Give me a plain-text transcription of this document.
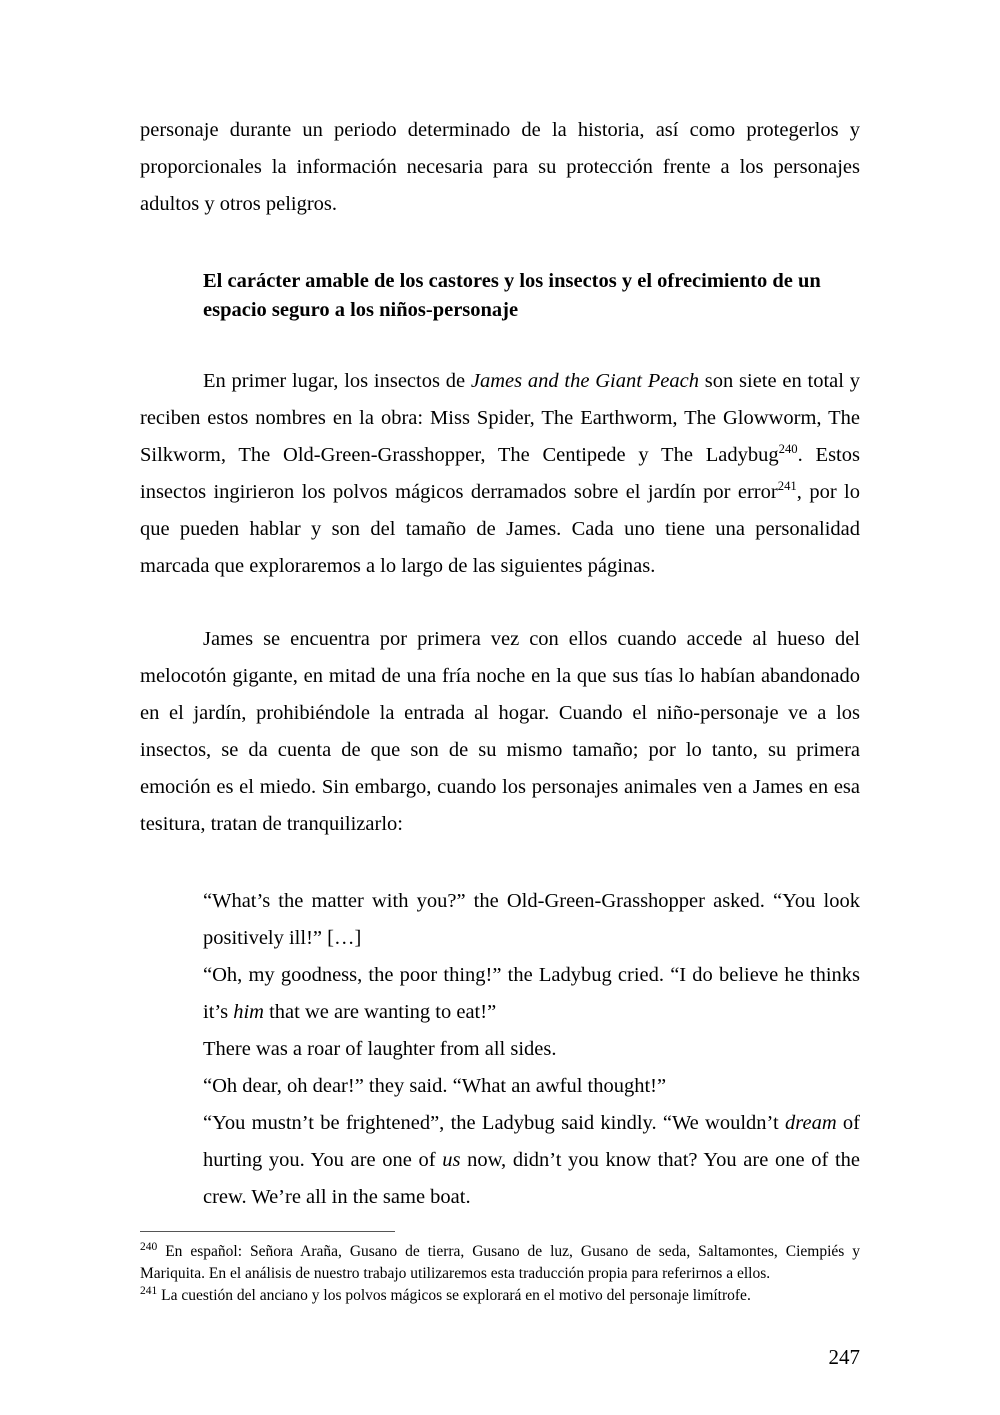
personaje durante un periodo determinado de la historia, así como protegerlos y proporcionales la información necesaria para su protección frente a los personajes adultos y otros peligros.

El carácter amable de los castores y los insectos y el ofrecimiento de un espacio seguro a los niños-personaje

En primer lugar, los insectos de James and the Giant Peach son siete en total y reciben estos nombres en la obra: Miss Spider, The Earthworm, The Glowworm, The Silkworm, The Old-Green-Grasshopper, The Centipede y The Ladybug$^{240}$. Estos insectos ingirieron los polvos mágicos derramados sobre el jardín por error$^{241}$, por lo que pueden hablar y son del tamaño de James. Cada uno tiene una personalidad marcada que exploraremos a lo largo de las siguientes páginas.

James se encuentra por primera vez con ellos cuando accede al hueso del melocotón gigante, en mitad de una fría noche en la que sus tías lo habían abandonado en el jardín, prohibiéndole la entrada al hogar. Cuando el niño-personaje ve a los insectos, se da cuenta de que son de su mismo tamaño; por lo tanto, su primera emoción es el miedo. Sin embargo, cuando los personajes animales ven a James en esa tesitura, tratan de tranquilizarlo:

“What’s the matter with you?” the Old-Green-Grasshopper asked. “You look positively ill!” […]

“Oh, my goodness, the poor thing!” the Ladybug cried. “I do believe he thinks it’s him that we are wanting to eat!”

There was a roar of laughter from all sides.

“Oh dear, oh dear!” they said. “What an awful thought!”

“You mustn’t be frightened”, the Ladybug said kindly. “We wouldn’t dream of hurting you. You are one of us now, didn’t you know that? You are one of the crew. We’re all in the same boat.

$^{240}$ En español: Señora Araña, Gusano de tierra, Gusano de luz, Gusano de seda, Saltamontes, Ciempiés y Mariquita. En el análisis de nuestro trabajo utilizaremos esta traducción propia para referirnos a ellos.

$^{241}$ La cuestión del anciano y los polvos mágicos se explorará en el motivo del personaje limítrofe.

247
